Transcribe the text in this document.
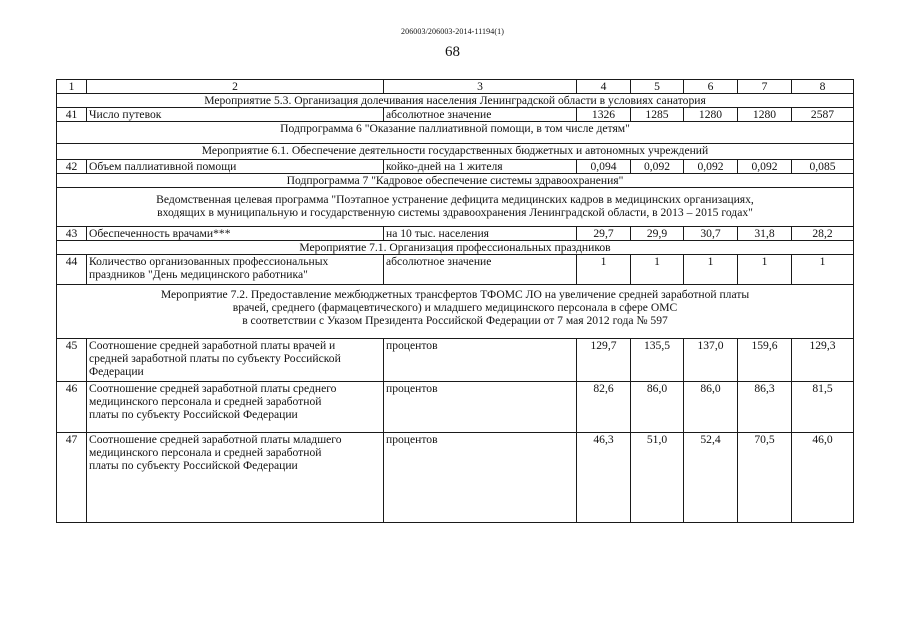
206003/206003-2014-11194(1)
68
1	2	3	4	5	6	7	8
Мероприятие 5.3. Организация долечивания населения Ленинградской области в условиях санатория							
41	Число путевок	абсолютное значение	1326	1285	1280	1280	2587
Подпрограмма 6 "Оказание паллиативной помощи, в том числе детям"							
Мероприятие 6.1. Обеспечение деятельности государственных бюджетных и автономных учреждений							
42	Объем паллиативной помощи	койко-дней на 1 жителя	0,094	0,092	0,092	0,092	0,085
Подпрограмма 7 "Кадровое обеспечение системы здравоохранения"							

Ведомственная целевая программа "Поэтапное устранение дефицита медицинских кадров в медицинских организациях,
входящих в муниципальную и государственную системы здравоохранения Ленинградской области, в 2013 – 2015 годах"							

43	Обеспеченность врачами***	на 10 тыс. населения	29,7	29,9	30,7	31,8	28,2
Мероприятие 7.1. Организация профессиональных праздников							
44	Количество организованных профессиональных
праздников "День медицинского работника"	абсолютное значение	1	1	1	1	1

Мероприятие 7.2. Предоставление межбюджетных трансфертов ТФОМС ЛО на увеличение средней заработной платы
врачей, среднего (фармацевтического) и младшего медицинского персонала в сфере ОМС
в соответствии с Указом Президента Российской Федерации от 7 мая 2012 года № 597							

45	Соотношение средней заработной платы врачей и
средней заработной платы по субъекту Российской
Федерации	процентов	129,7	135,5	137,0	159,6	129,3
46	Соотношение средней заработной платы среднего
медицинского персонала и средней заработной
платы по субъекту Российской Федерации	процентов	82,6	86,0	86,0	86,3	81,5
47	Соотношение средней заработной платы младшего
медицинского персонала и средней заработной
платы по субъекту Российской Федерации	процентов	46,3	51,0	52,4	70,5	46,0
